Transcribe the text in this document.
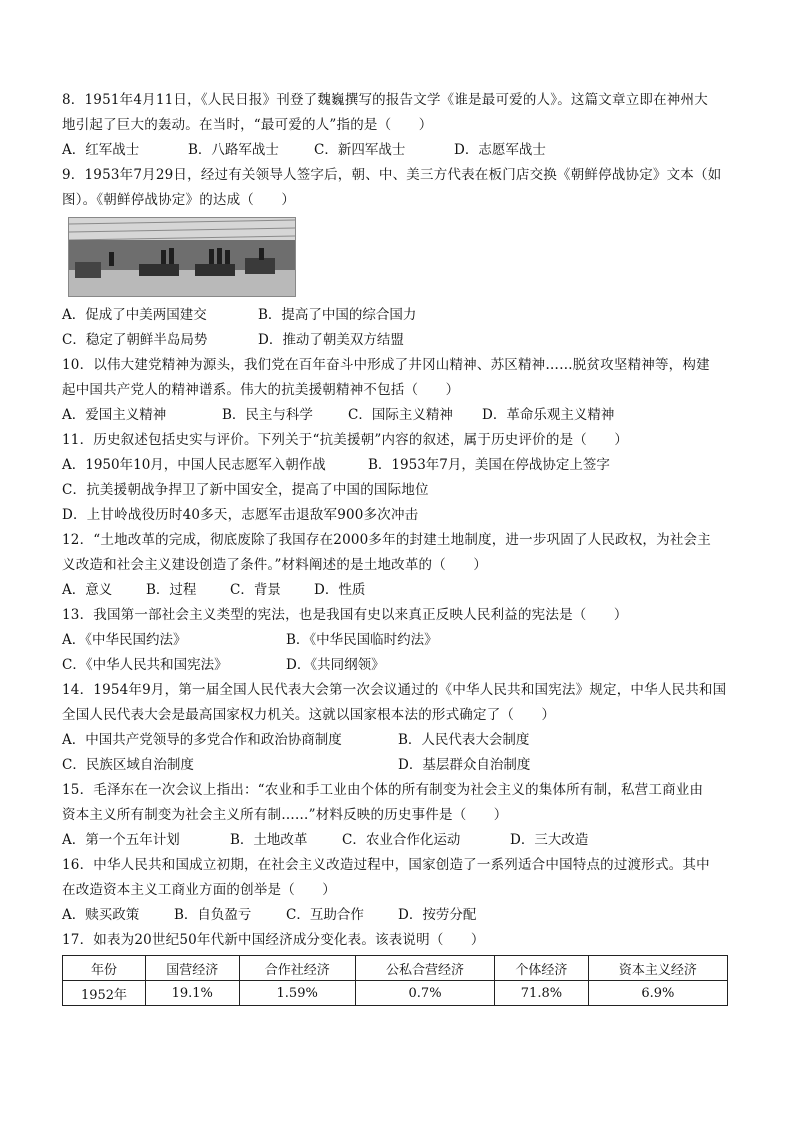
8．1951年4月11日，《人民日报》刊登了魏巍撰写的报告文学《谁是最可爱的人》。这篇文章立即在神州大
地引起了巨大的轰动。在当时，“最可爱的人”指的是（　　）
A．红军战士	B．八路军战士	C．新四军战士	D．志愿军战士
9．1953年7月29日，经过有关领导人签字后，朝、中、美三方代表在板门店交换《朝鲜停战协定》文本（如
图）。《朝鲜停战协定》的达成（　　）
A．促成了中美两国建交	B．提高了中国的综合国力
C．稳定了朝鲜半岛局势	D．推动了朝美双方结盟
10．以伟大建党精神为源头，我们党在百年奋斗中形成了井冈山精神、苏区精神……脱贫攻坚精神等，构建
起中国共产党人的精神谱系。伟大的抗美援朝精神不包括（　　）
A．爱国主义精神	B．民主与科学	C．国际主义精神	D．革命乐观主义精神
11．历史叙述包括史实与评价。下列关于“抗美援朝”内容的叙述，属于历史评价的是（　　）
A．1950年10月，中国人民志愿军入朝作战	B．1953年7月，美国在停战协定上签字
C．抗美援朝战争捍卫了新中国安全，提高了中国的国际地位
D．上甘岭战役历时40多天，志愿军击退敌军900多次冲击
12．“土地改革的完成，彻底废除了我国存在2000多年的封建土地制度，进一步巩固了人民政权，为社会主
义改造和社会主义建设创造了条件。”材料阐述的是土地改革的（　　）
A．意义	B．过程	C．背景	D．性质
13．我国第一部社会主义类型的宪法，也是我国有史以来真正反映人民利益的宪法是（　　）
A．《中华民国约法》	B．《中华民国临时约法》
C．《中华人民共和国宪法》	D．《共同纲领》
14．1954年9月，第一届全国人民代表大会第一次会议通过的《中华人民共和国宪法》规定，中华人民共和国
全国人民代表大会是最高国家权力机关。这就以国家根本法的形式确定了（　　）
A．中国共产党领导的多党合作和政治协商制度	B．人民代表大会制度
C．民族区域自治制度	D．基层群众自治制度
15．毛泽东在一次会议上指出：“农业和手工业由个体的所有制变为社会主义的集体所有制，私营工商业由
资本主义所有制变为社会主义所有制……”材料反映的历史事件是（　　）
A．第一个五年计划	B．土地改革	C．农业合作化运动	D．三大改造
16．中华人民共和国成立初期，在社会主义改造过程中，国家创造了一系列适合中国特点的过渡形式。其中
在改造资本主义工商业方面的创举是（　　）
A．赎买政策	B．自负盈亏	C．互助合作	D．按劳分配
17．如表为20世纪50年代新中国经济成分变化表。该表说明（　　）
年份	国营经济	合作社经济	公私合营经济	个体经济	资本主义经济
1952年	19.1%	1.59%	0.7%	71.8%	6.9%
